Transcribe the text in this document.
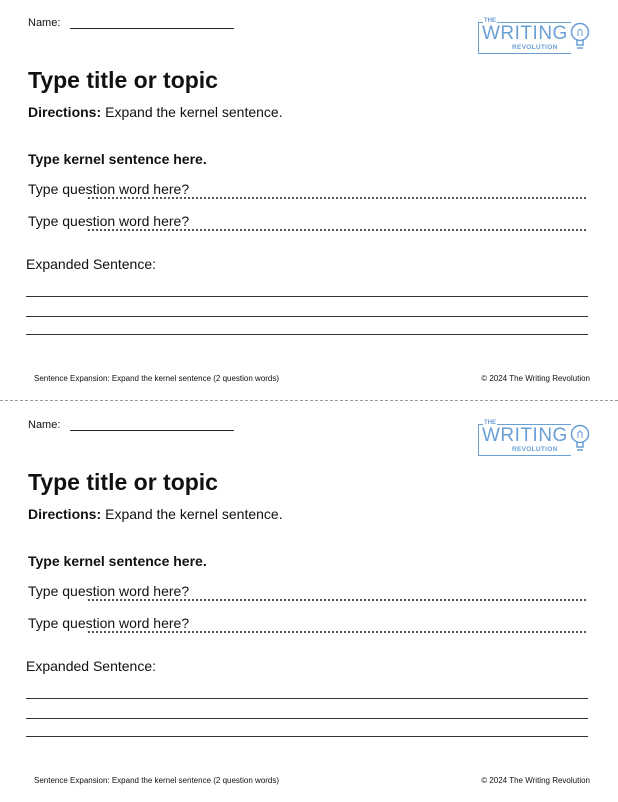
Name:	THE
WRITING
REVOLUTION
Type title or topic
Directions: Expand the kernel sentence.
Type kernel sentence here.
Type question word here?
Type question word here?
Expanded Sentence:
Sentence Expansion: Expand the kernel sentence (2 question words)	© 2024 The Writing Revolution
Name:	THE
WRITING
REVOLUTION
Type title or topic
Directions: Expand the kernel sentence.
Type kernel sentence here.
Type question word here?
Type question word here?
Expanded Sentence:
Sentence Expansion: Expand the kernel sentence (2 question words)	© 2024 The Writing Revolution
